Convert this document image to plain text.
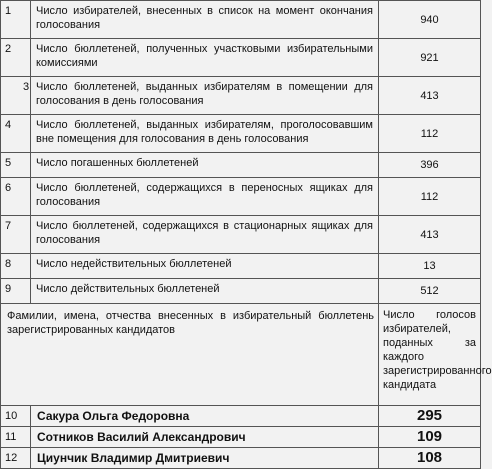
1	Число избирателей, внесенных в список на момент окончания голосования	940
2	Число бюллетеней, полученных участковыми избирательными комиссиями	921
3	Число бюллетеней, выданных избирателям в помещении для голосования в день голосования	413
4	Число бюллетеней, выданных избирателям, проголосовавшим вне помещения для голосования в день голосования	112
5	Число погашенных бюллетеней	396
6	Число бюллетеней, содержащихся в переносных ящиках для голосования	112
7	Число бюллетеней, содержащихся в стационарных ящиках для голосования	413
8	Число недействительных бюллетеней	13
9	Число действительных бюллетеней	512
Фамилии, имена, отчества внесенных в избирательный бюллетень зарегистрированных кандидатов		Число голосов избирателей, поданных за каждого зарегистрированного кандидата
10	Сакура Ольга Федоровна	295
11	Сотников Василий Александрович	109
12	Циунчик Владимир Дмитриевич	108
